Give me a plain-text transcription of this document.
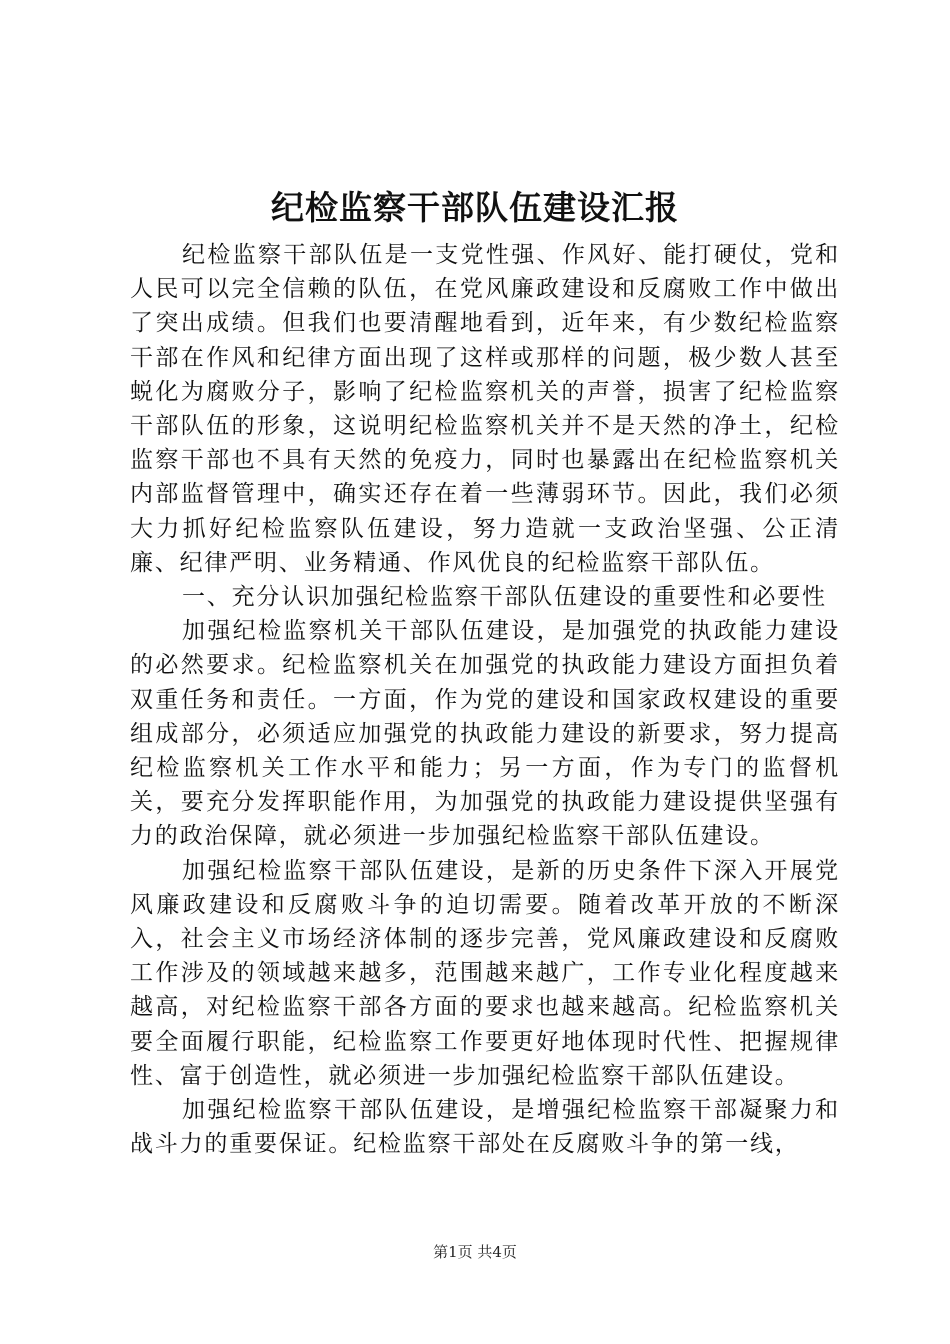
纪检监察干部队伍建设汇报

纪检监察干部队伍是一支党性强、作风好、能打硬仗，党和人民可以完全信赖的队伍，在党风廉政建设和反腐败工作中做出了突出成绩。但我们也要清醒地看到，近年来，有少数纪检监察干部在作风和纪律方面出现了这样或那样的问题，极少数人甚至蜕化为腐败分子，影响了纪检监察机关的声誉，损害了纪检监察干部队伍的形象，这说明纪检监察机关并不是天然的净土，纪检监察干部也不具有天然的免疫力，同时也暴露出在纪检监察机关内部监督管理中，确实还存在着一些薄弱环节。因此，我们必须大力抓好纪检监察队伍建设，努力造就一支政治坚强、公正清廉、纪律严明、业务精通、作风优良的纪检监察干部队伍。

一、充分认识加强纪检监察干部队伍建设的重要性和必要性

加强纪检监察机关干部队伍建设，是加强党的执政能力建设的必然要求。纪检监察机关在加强党的执政能力建设方面担负着双重任务和责任。一方面，作为党的建设和国家政权建设的重要组成部分，必须适应加强党的执政能力建设的新要求，努力提高纪检监察机关工作水平和能力；另一方面，作为专门的监督机关，要充分发挥职能作用，为加强党的执政能力建设提供坚强有力的政治保障，就必须进一步加强纪检监察干部队伍建设。

加强纪检监察干部队伍建设，是新的历史条件下深入开展党风廉政建设和反腐败斗争的迫切需要。随着改革开放的不断深入，社会主义市场经济体制的逐步完善，党风廉政建设和反腐败工作涉及的领域越来越多，范围越来越广，工作专业化程度越来越高，对纪检监察干部各方面的要求也越来越高。纪检监察机关要全面履行职能，纪检监察工作要更好地体现时代性、把握规律性、富于创造性，就必须进一步加强纪检监察干部队伍建设。

加强纪检监察干部队伍建设，是增强纪检监察干部凝聚力和战斗力的重要保证。纪检监察干部处在反腐败斗争的第一线，

第1页 共4页
